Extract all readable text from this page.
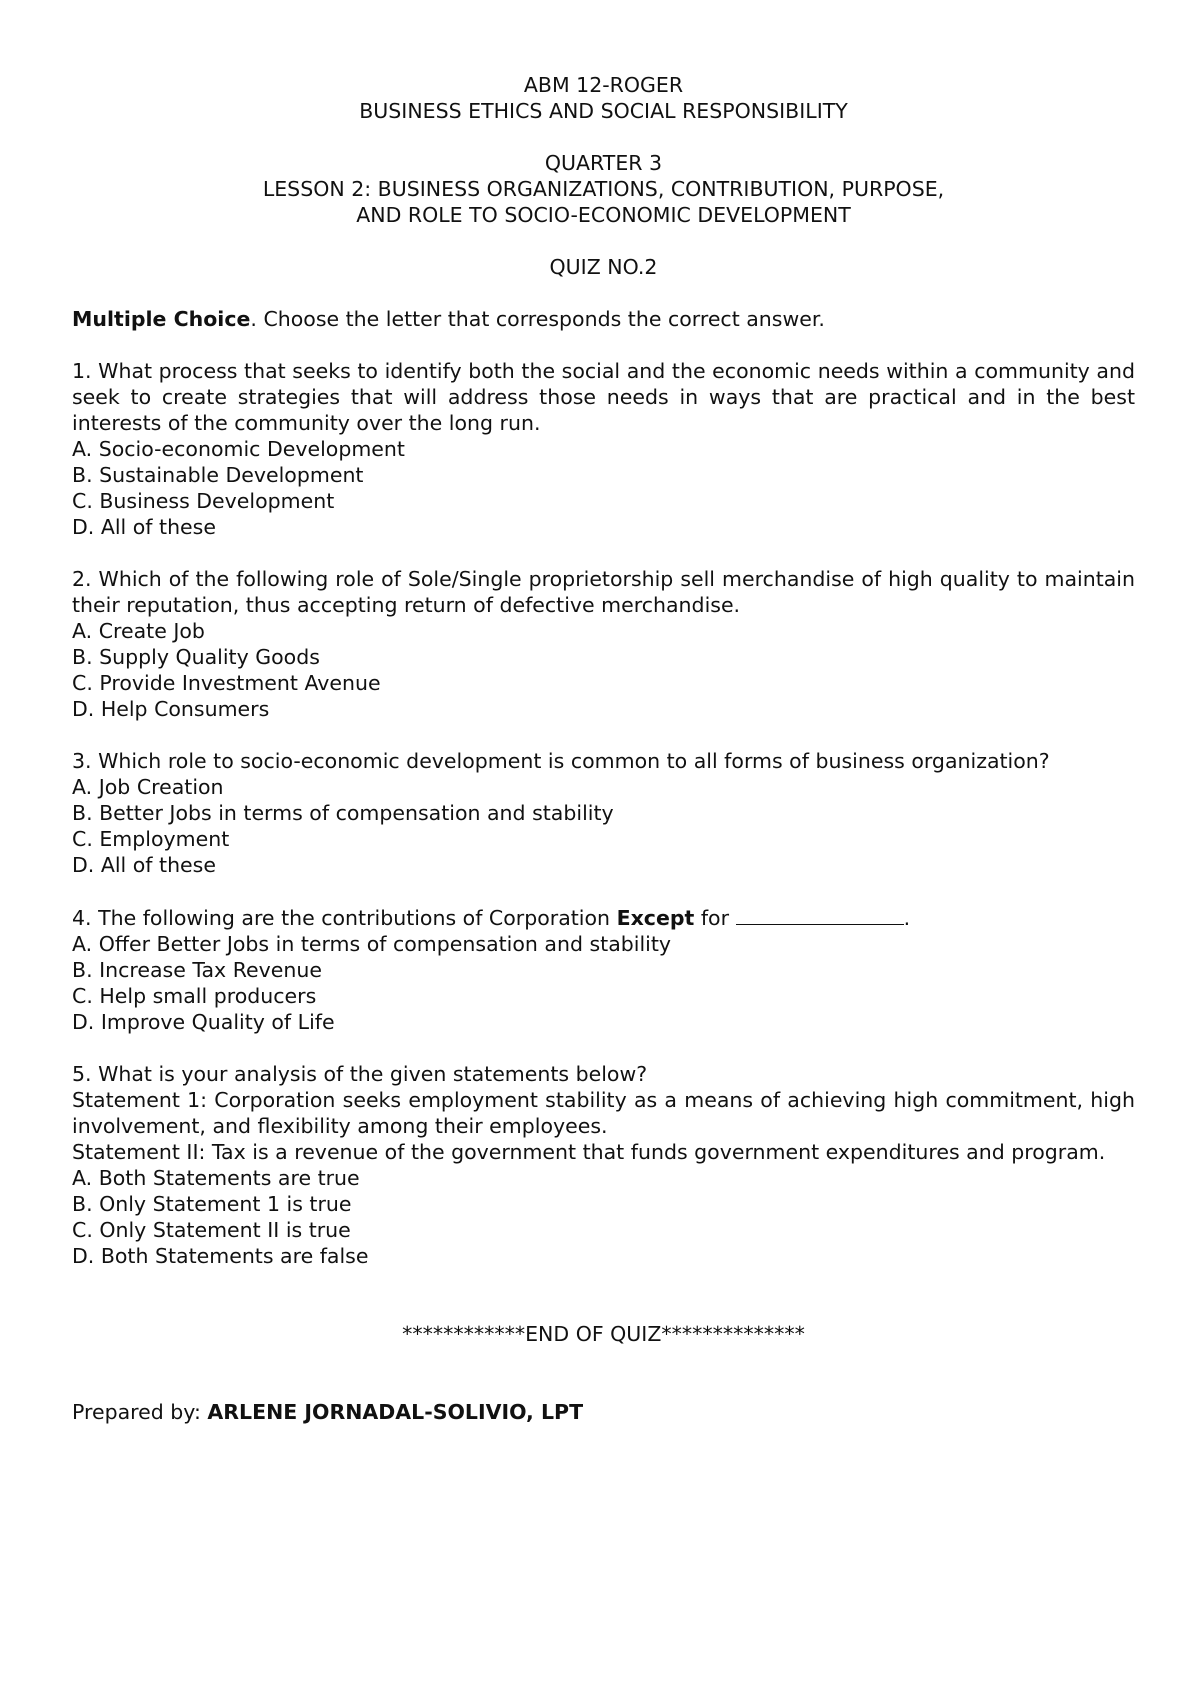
ABM 12-ROGER
BUSINESS ETHICS AND SOCIAL RESPONSIBILITY
QUARTER 3
LESSON 2: BUSINESS ORGANIZATIONS, CONTRIBUTION, PURPOSE,
AND ROLE TO SOCIO-ECONOMIC DEVELOPMENT
QUIZ NO.2
Multiple Choice. Choose the letter that corresponds the correct answer.
1. What process that seeks to identify both the social and the economic needs within a community and seek to create strategies that will address those needs in ways that are practical and in the best interests of the community over the long run.
A. Socio-economic Development
B. Sustainable Development
C. Business Development
D. All of these
2. Which of the following role of Sole/Single proprietorship sell merchandise of high quality to maintain their reputation, thus accepting return of defective merchandise.
A. Create Job
B. Supply Quality Goods
C. Provide Investment Avenue
D. Help Consumers
3. Which role to socio-economic development is common to all forms of business organization?
A. Job Creation
B. Better Jobs in terms of compensation and stability
C. Employment
D. All of these
4. The following are the contributions of Corporation Except for	.
A. Offer Better Jobs in terms of compensation and stability
B. Increase Tax Revenue
C. Help small producers
D. Improve Quality of Life
5. What is your analysis of the given statements below?
Statement 1: Corporation seeks employment stability as a means of achieving high commitment, high involvement, and flexibility among their employees.
Statement II: Tax is a revenue of the government that funds government expenditures and program.
A. Both Statements are true
B. Only Statement 1 is true
C. Only Statement II is true
D. Both Statements are false
************END OF QUIZ**************
Prepared by: ARLENE JORNADAL-SOLIVIO, LPT
